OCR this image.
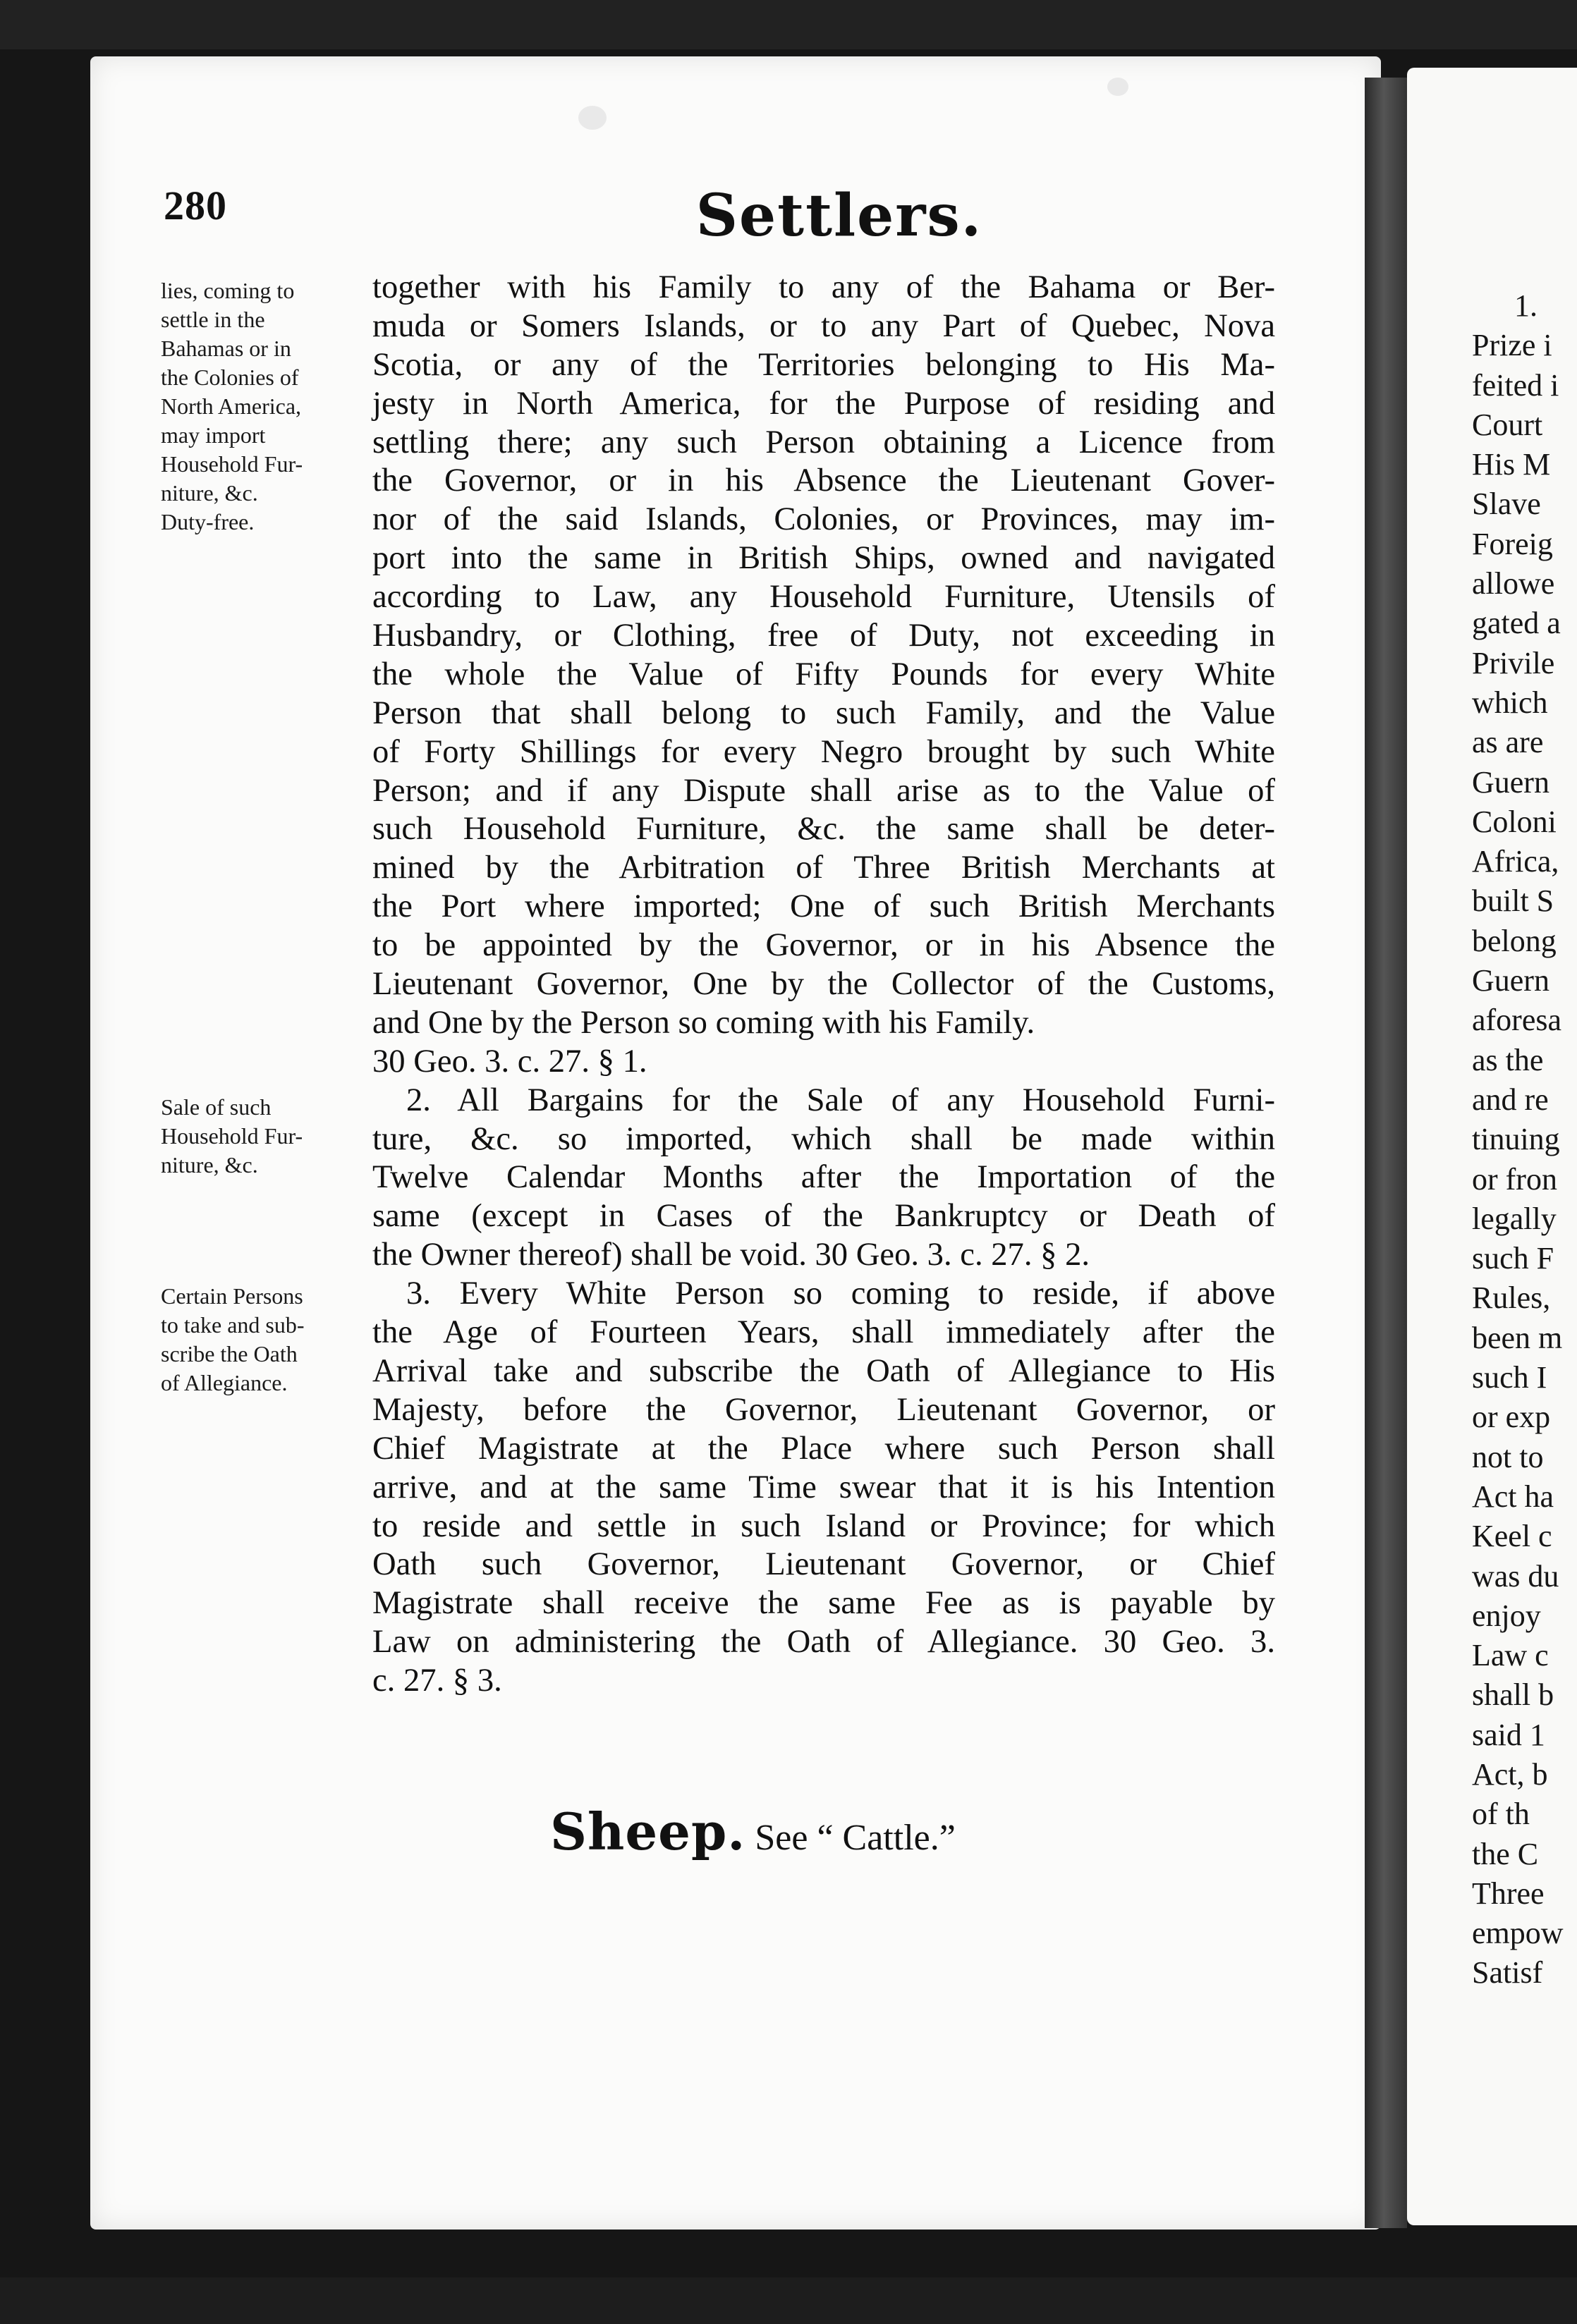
1.
Prize i
feited i
Court
His M
Slave
Foreig
allowe
gated a
Privile
which
as are
Guern
Coloni
Africa,
built S
belong
Guern
aforesa
as the
and re
tinuing
or fron
legally
such F
Rules,
been m
such I
or exp
not to
Act ha
Keel c
was du
enjoy
Law c
shall b
said 1
Act, b
of th
the C
Three
empow
Satisf
280	Settlers.
lies, coming to
settle in the
Bahamas or in
the Colonies of
North America,
may import
Household Fur-
niture, &c.
Duty-free.
Sale of such
Household Fur-
niture, &c.
Certain Persons
to take and sub-
scribe the Oath
of Allegiance.
together with his Family to any of the Bahama or Ber-
muda or Somers Islands, or to any Part of Quebec, Nova
Scotia, or any of the Territories belonging to His Ma-
jesty in North America, for the Purpose of residing and
settling there; any such Person obtaining a Licence from
the Governor, or in his Absence the Lieutenant Gover-
nor of the said Islands, Colonies, or Provinces, may im-
port into the same in British Ships, owned and navigated
according to Law, any Household Furniture, Utensils of
Husbandry, or Clothing, free of Duty, not exceeding in
the whole the Value of Fifty Pounds for every White
Person that shall belong to such Family, and the Value
of Forty Shillings for every Negro brought by such White
Person; and if any Dispute shall arise as to the Value of
such Household Furniture, &c. the same shall be deter-
mined by the Arbitration of Three British Merchants at
the Port where imported; One of such British Merchants
to be appointed by the Governor, or in his Absence the
Lieutenant Governor, One by the Collector of the Customs,
and One by the Person so coming with his Family.
30 Geo. 3. c. 27. § 1.
2. All Bargains for the Sale of any Household Furni-
ture, &c. so imported, which shall be made within
Twelve Calendar Months after the Importation of the
same (except in Cases of the Bankruptcy or Death of
the Owner thereof) shall be void. 30 Geo. 3. c. 27. § 2.
3. Every White Person so coming to reside, if above
the Age of Fourteen Years, shall immediately after the
Arrival take and subscribe the Oath of Allegiance to His
Majesty, before the Governor, Lieutenant Governor, or
Chief Magistrate at the Place where such Person shall
arrive, and at the same Time swear that it is his Intention
to reside and settle in such Island or Province; for which
Oath such Governor, Lieutenant Governor, or Chief
Magistrate shall receive the same Fee as is payable by
Law on administering the Oath of Allegiance. 30 Geo. 3.
c. 27. § 3.
Sheep. See “ Cattle.”
